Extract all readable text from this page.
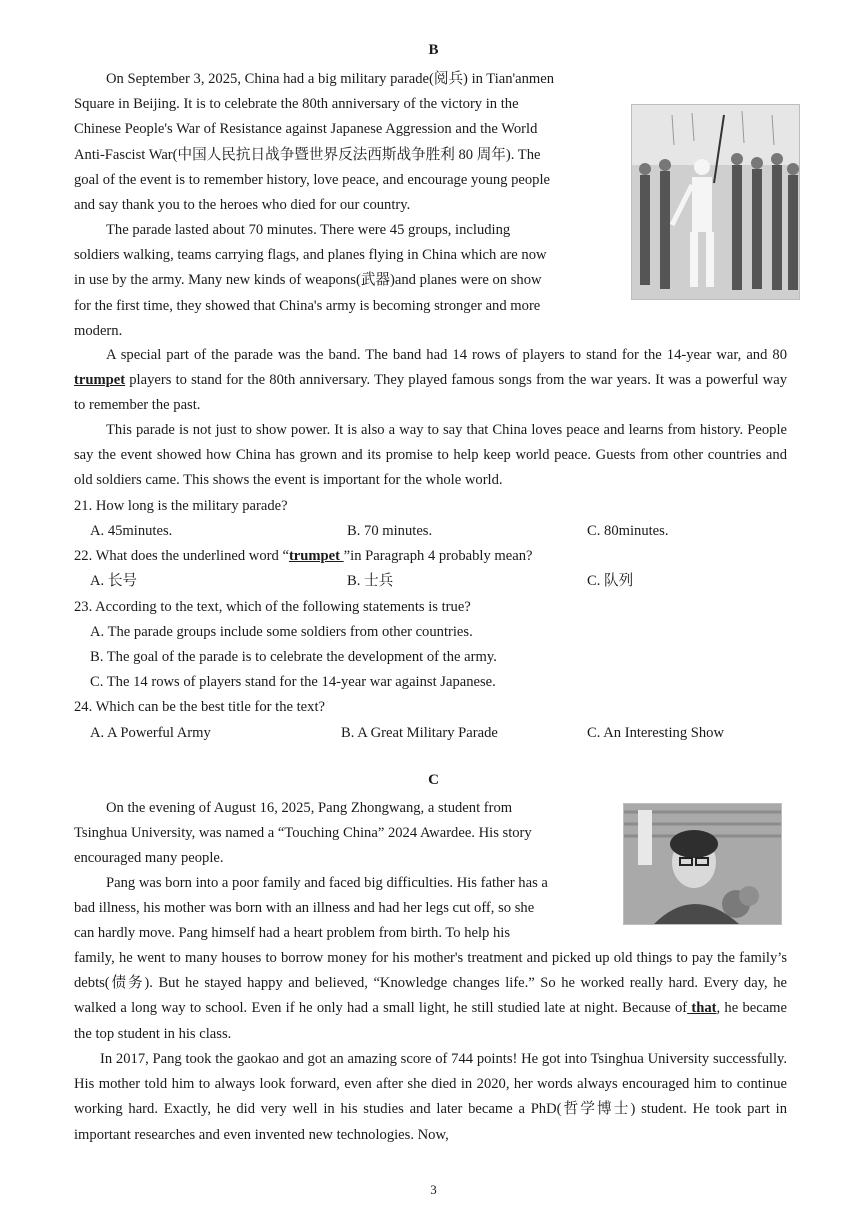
B
On September 3, 2025, China had a big military parade(阅兵) in Tian'anmen
Square in Beijing. It is to celebrate the 80th anniversary of the victory in the
Chinese People's War of Resistance against Japanese Aggression and the World
Anti-Fascist War(中国人民抗日战争暨世界反法西斯战争胜利 80 周年). The
goal of the event is to remember history, love peace, and encourage young people
and say thank you to the heroes who died for our country.
The parade lasted about 70 minutes. There were 45 groups, including
soldiers walking, teams carrying flags, and planes flying in China which are now
in use by the army. Many new kinds of weapons(武器)and planes were on show
for the first time, they showed that China's army is becoming stronger and more
modern.
A special part of the parade was the band. The band had 14 rows of players to stand for the 14-year war, and 80 trumpet players to stand for the 80th anniversary. They played famous songs from the war years. It was a powerful way to remember the past.
This parade is not just to show power. It is also a way to say that China loves peace and learns from history. People say the event showed how China has grown and its promise to help keep world peace. Guests from other countries and old soldiers came. This shows the event is important for the whole world.
21. How long is the military parade?
A. 45minutes.	B. 70 minutes.	C. 80minutes.
22. What does the underlined word “trumpet ”in Paragraph 4 probably mean?
A. 长号	B. 士兵	C. 队列
23. According to the text, which of the following statements is true?
A. The parade groups include some soldiers from other countries.
B. The goal of the parade is to celebrate the development of the army.
C. The 14 rows of players stand for the 14-year war against Japanese.
24. Which can be the best title for the text?
A. A Powerful Army	B. A Great Military Parade	C. An Interesting Show
C
On the evening of August 16, 2025, Pang Zhongwang, a student from
Tsinghua University, was named a “Touching China” 2024 Awardee. His story
encouraged many people.
Pang was born into a poor family and faced big difficulties. His father has a
bad illness, his mother was born with an illness and had her legs cut off, so she
can hardly move. Pang himself had a heart problem from birth. To help his
family, he went to many houses to borrow money for his mother's treatment and picked up old things to pay the family’s debts(债务). But he stayed happy and believed, “Knowledge changes life.” So he worked really hard. Every day, he walked a long way to school. Even if he only had a small light, he still studied late at night. Because of that, he became the top student in his class.
In 2017, Pang took the gaokao and got an amazing score of 744 points! He got into Tsinghua University successfully. His mother told him to always look forward, even after she died in 2020, her words always encouraged him to continue working hard. Exactly, he did very well in his studies and later became a PhD(哲学博士) student. He took part in important researches and even invented new technologies. Now,
3
